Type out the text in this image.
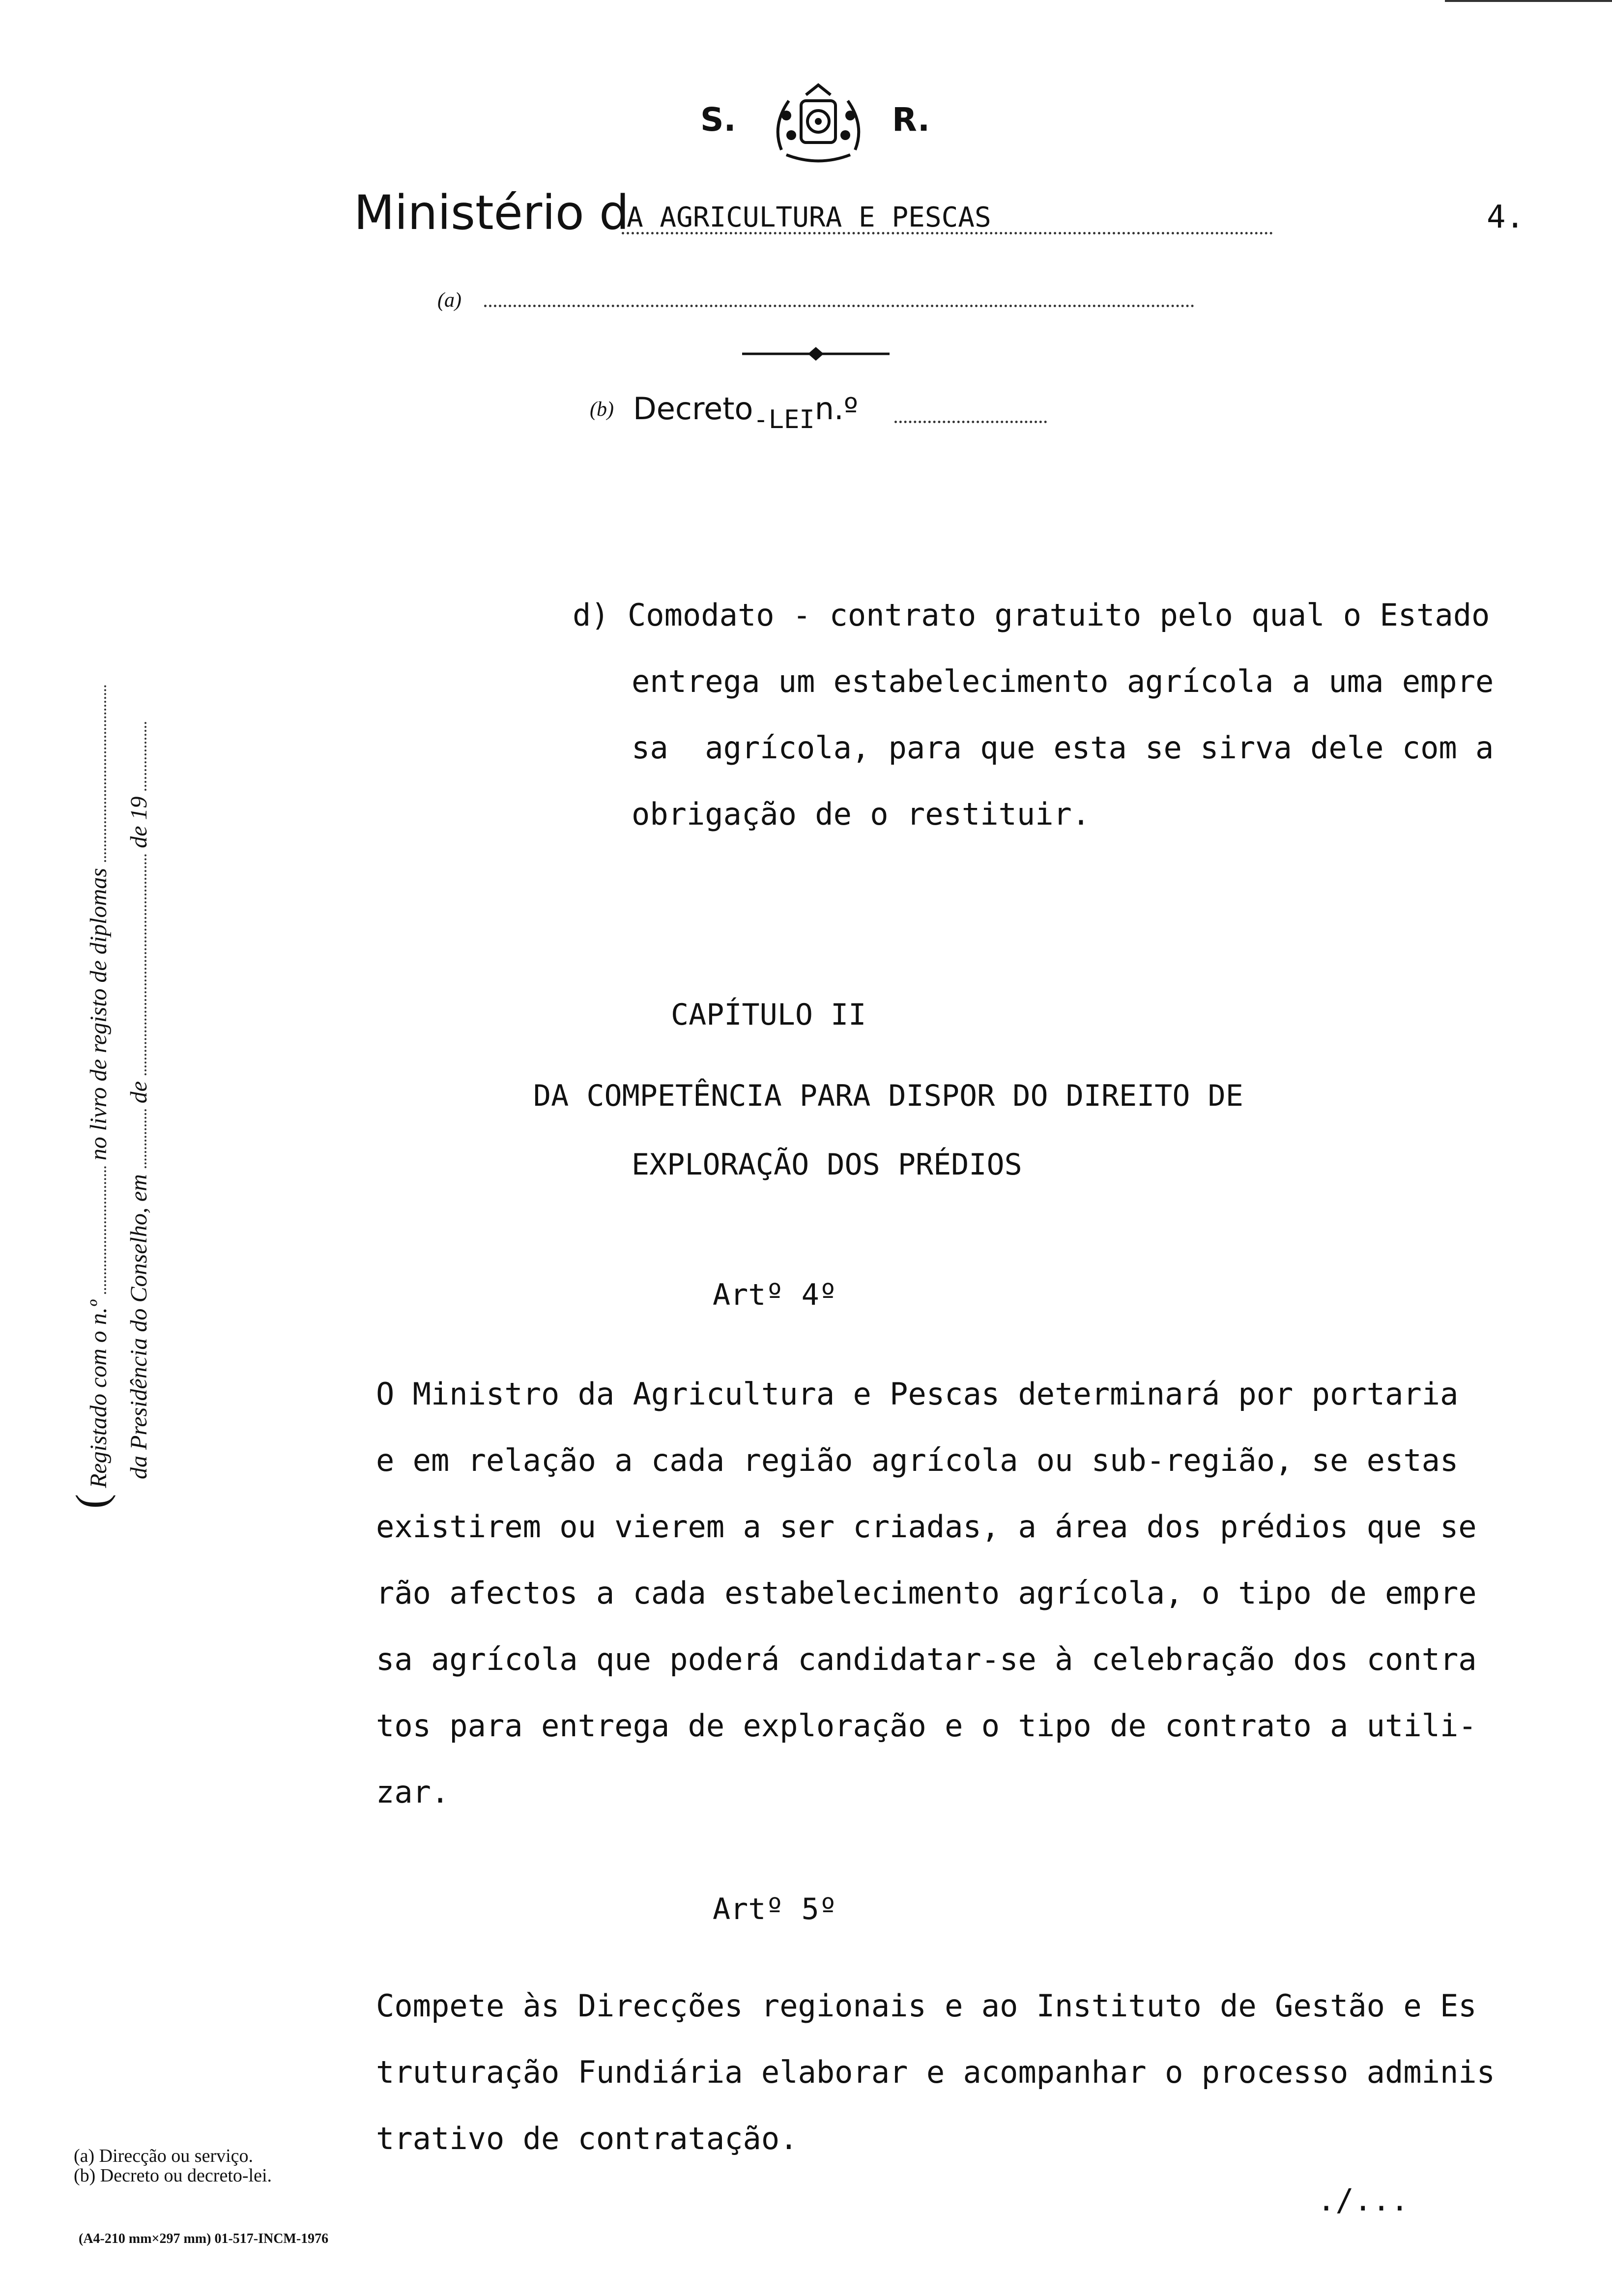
S.	R.
Ministério d
A AGRICULTURA E PESCAS	4.
(a)
(b) Decreto$_{-LEI}$n.º
( Registado com o n.º  no livro de registo de diplomas
da Presidência do Conselho, em  de  de 19
d) Comodato - contrato gratuito pelo qual o Estado
entrega um estabelecimento agrícola a uma empre
sa  agrícola, para que esta se sirva dele com a
obrigação de o restituir.
CAPÍTULO II
DA COMPETÊNCIA PARA DISPOR DO DIREITO DE
EXPLORAÇÃO DOS PRÉDIOS
Artº 4º
O Ministro da Agricultura e Pescas determinará por portaria
e em relação a cada região agrícola ou sub-região, se estas
existirem ou vierem a ser criadas, a área dos prédios que se
rão afectos a cada estabelecimento agrícola, o tipo de empre
sa agrícola que poderá candidatar-se à celebração dos contra
tos para entrega de exploração e o tipo de contrato a utili-
zar.
Artº 5º
Compete às Direcções regionais e ao Instituto de Gestão e Es
truturação Fundiária elaborar e acompanhar o processo adminis
trativo de contratação.
./...
(a) Direcção ou serviço.
(b) Decreto ou decreto-lei.
(A4-210 mm×297 mm) 01-517-INCM-1976
